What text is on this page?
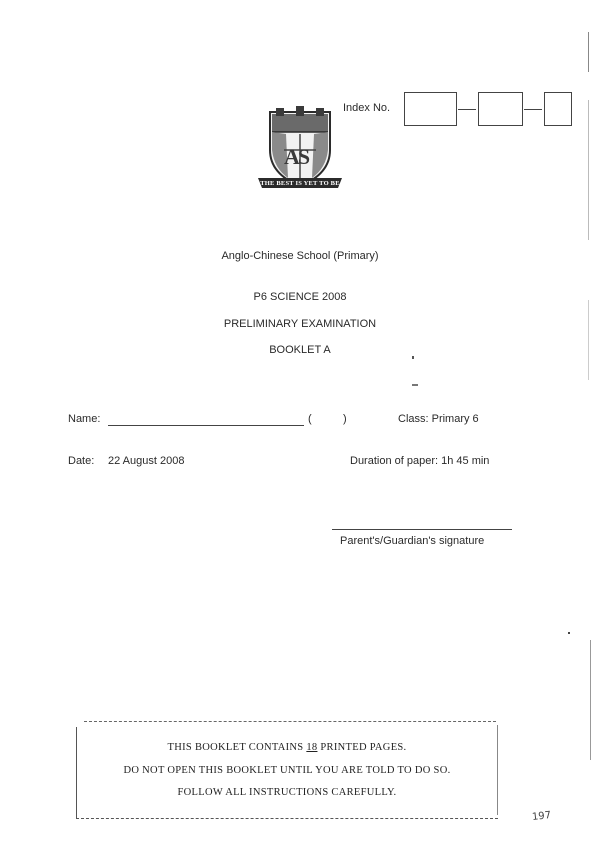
AS
THE BEST IS YET TO BE
Index No.
Anglo-Chinese School (Primary)
P6 SCIENCE 2008
PRELIMINARY EXAMINATION
BOOKLET A
Name:	(	)	Class: Primary 6
Date: 22 August 2008	Duration of paper: 1h 45 min
Parent's/Guardian's signature
THIS BOOKLET CONTAINS 18 PRINTED PAGES.
DO NOT OPEN THIS BOOKLET UNTIL YOU ARE TOLD TO DO SO.
FOLLOW ALL INSTRUCTIONS CAREFULLY.
197
